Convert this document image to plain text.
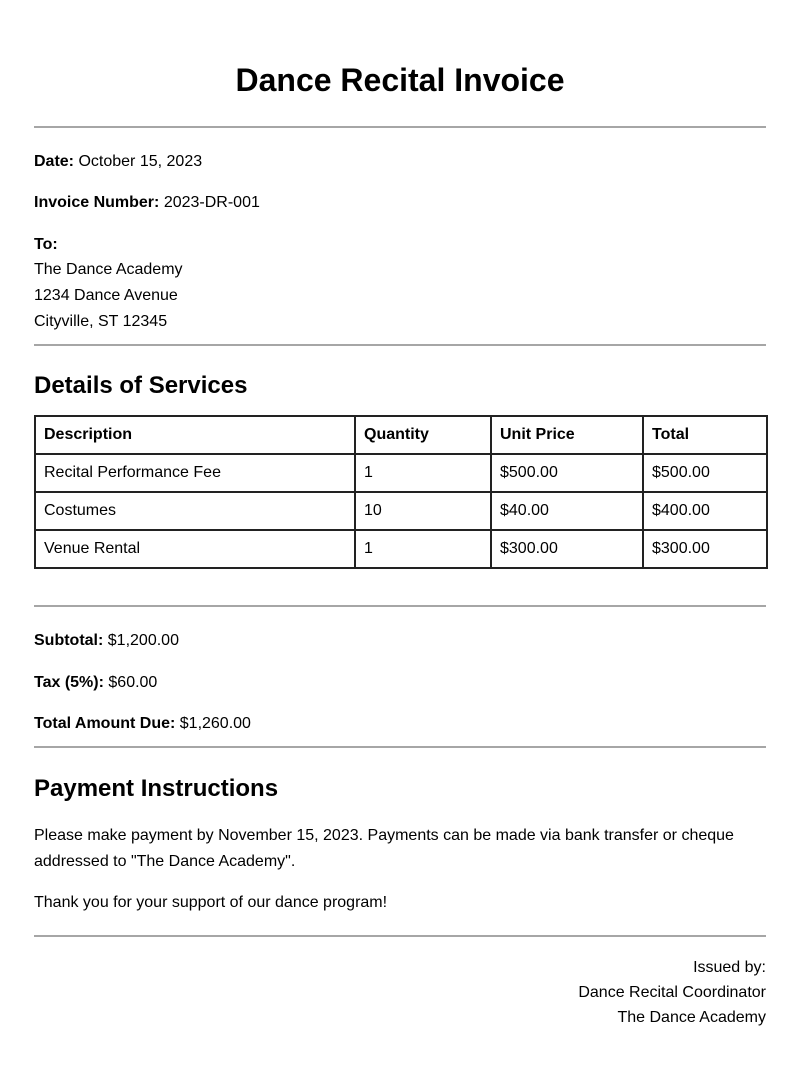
Dance Recital Invoice
Date: October 15, 2023
Invoice Number: 2023-DR-001
To:
The Dance Academy
1234 Dance Avenue
Cityville, ST 12345
Details of Services
Description	Quantity	Unit Price	Total
Recital Performance Fee	1	$500.00	$500.00
Costumes	10	$40.00	$400.00
Venue Rental	1	$300.00	$300.00
Subtotal: $1,200.00
Tax (5%): $60.00
Total Amount Due: $1,260.00
Payment Instructions
Please make payment by November 15, 2023. Payments can be made via bank transfer or cheque
addressed to "The Dance Academy".
Thank you for your support of our dance program!
Issued by:
Dance Recital Coordinator
The Dance Academy
